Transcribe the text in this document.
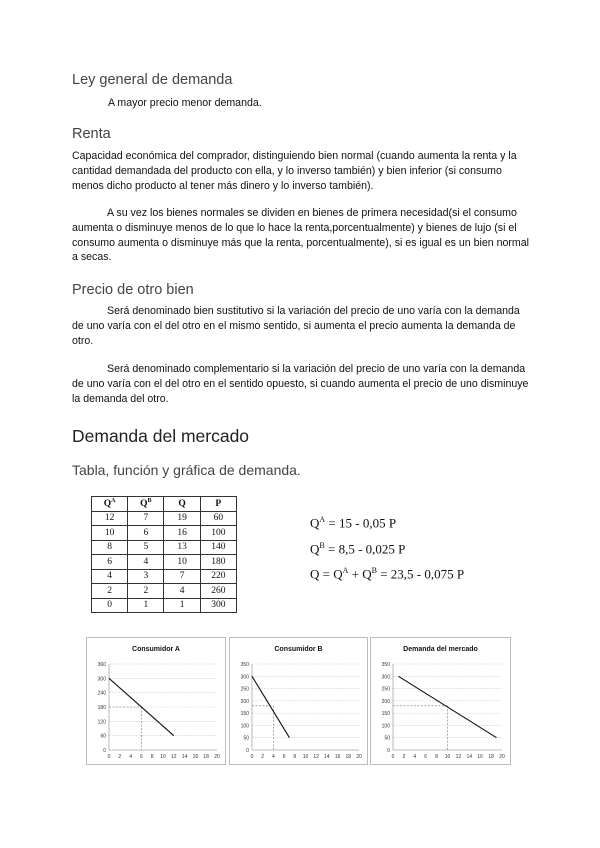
Ley general de demanda
A mayor precio menor demanda.
Renta

Capacidad económica del comprador, distinguiendo bien normal (cuando aumenta la renta y la cantidad demandada del producto con ella, y lo inverso también) y bien inferior (si consumo menos dicho producto al tener más dinero y lo inverso también).

A su vez los bienes normales se dividen en bienes de primera necesidad(si el consumo aumenta o disminuye menos de lo que lo hace la renta,porcentualmente) y bienes de lujo (si el consumo aumenta o disminuye más que la renta, porcentualmente), si es igual es un bien normal a secas.

Precio de otro bien

Será denominado bien sustitutivo si la variación del precio de uno varía con la demanda de uno varía con el del otro en el mismo sentido, si aumenta el precio aumenta la demanda de otro.

Será denominado complementario si la variación del precio de uno varía con la demanda de uno varía con el del otro en el sentido opuesto, si cuando aumenta el precio de uno disminuye la demanda del otro.

Demanda del mercado
Tabla, función y gráfica de demanda.
$Q^A$	$Q^B$	Q	P
12	7	19	60
10	6	16	100
8	5	13	140
6	4	10	180
4	3	7	220
2	2	4	260
0	1	1	300
$Q^A = 15 - 0,05$ P
$Q^B = 8,5 - 0,025$ P
$Q = Q^A + Q^B = 23,5 - 0,075$ P
Consumidor A
0
60
120
180
240
300
360
0 2 4 6 8 10 12 14 16 18 20
Consumidor B
0
50
100
150
200
250
300
350
0 2 4 6 8 10 12 14 16 18 20
Demanda del mercado
0
50
100
150
200
250
300
350
0 2 4 6 8 10 12 14 16 18 20
